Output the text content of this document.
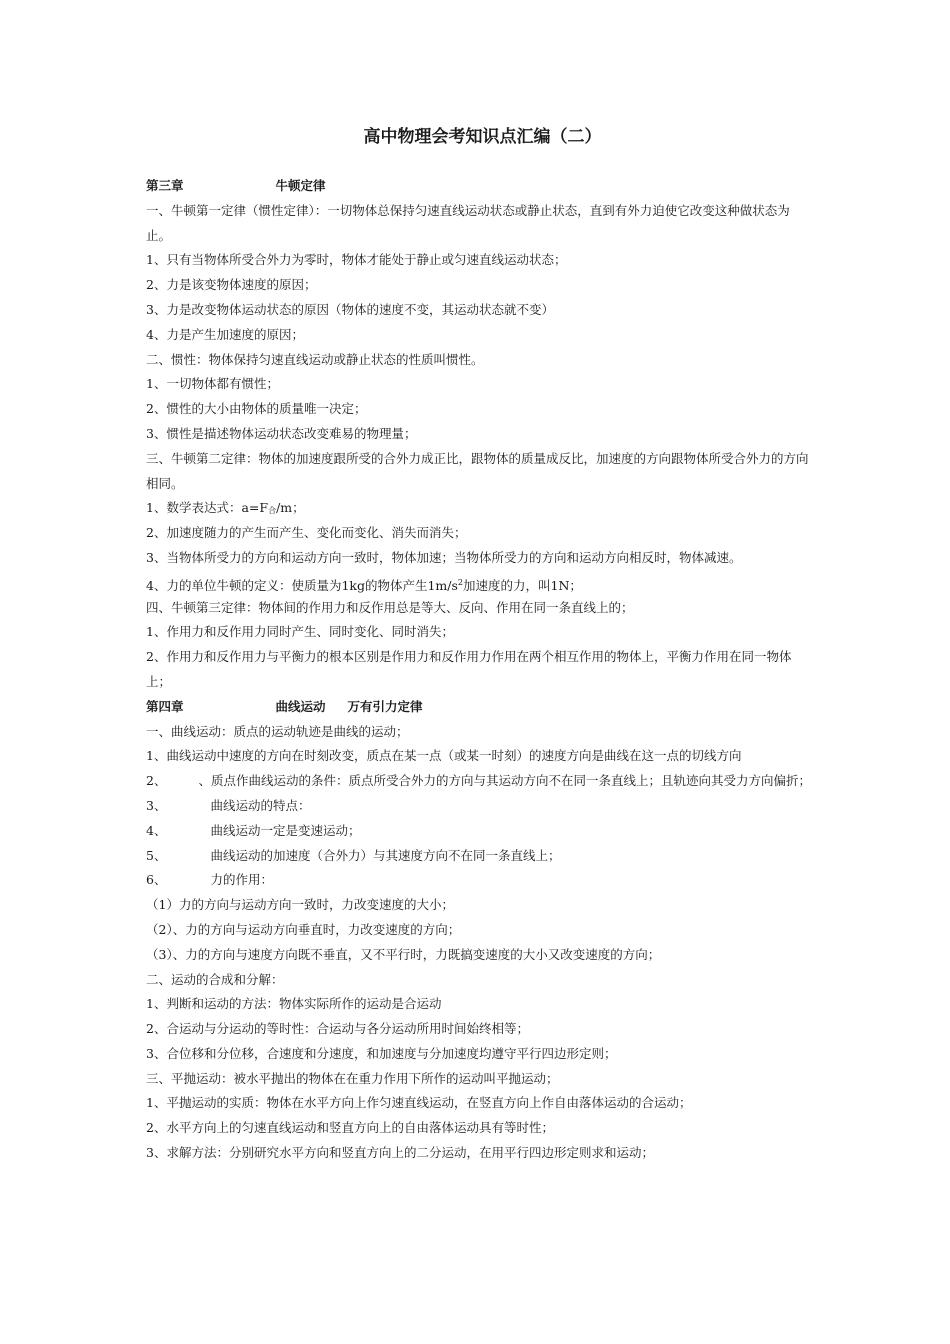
高中物理会考知识点汇编（二）
第三章	牛顿定律
一、牛顿第一定律（惯性定律）：一切物体总保持匀速直线运动状态或静止状态，直到有外力迫使它改变这种做状态为止。
1、只有当物体所受合外力为零时，物体才能处于静止或匀速直线运动状态；
2、力是该变物体速度的原因；
3、力是改变物体运动状态的原因（物体的速度不变，其运动状态就不变）
4、力是产生加速度的原因；
二、惯性：物体保持匀速直线运动或静止状态的性质叫惯性。
1、一切物体都有惯性；
2、惯性的大小由物体的质量唯一决定；
3、惯性是描述物体运动状态改变难易的物理量；
三、牛顿第二定律：物体的加速度跟所受的合外力成正比，跟物体的质量成反比，加速度的方向跟物体所受合外力的方向相同。
1、数学表达式：$a=F_合/m$；
2、加速度随力的产生而产生、变化而变化、消失而消失；
3、当物体所受力的方向和运动方向一致时，物体加速；当物体所受力的方向和运动方向相反时，物体减速。
4、力的单位牛顿的定义：使质量为1kg的物体产生$1m/s^2$加速度的力，叫1N；
四、牛顿第三定律：物体间的作用力和反作用总是等大、反向、作用在同一条直线上的；
1、作用力和反作用力同时产生、同时变化、同时消失；
2、作用力和反作用力与平衡力的根本区别是作用力和反作用力作用在两个相互作用的物体上，平衡力作用在同一物体上；
第四章	曲线运动 万有引力定律
一、曲线运动：质点的运动轨迹是曲线的运动；
1、曲线运动中速度的方向在时刻改变，质点在某一点（或某一时刻）的速度方向是曲线在这一点的切线方向
2、	、质点作曲线运动的条件：质点所受合外力的方向与其运动方向不在同一条直线上；且轨迹向其受力方向偏折；
3、	曲线运动的特点：
4、	曲线运动一定是变速运动；
5、	曲线运动的加速度（合外力）与其速度方向不在同一条直线上；
6、	力的作用：
（1）力的方向与运动方向一致时，力改变速度的大小；
（2）、力的方向与运动方向垂直时，力改变速度的方向；
（3）、力的方向与速度方向既不垂直，又不平行时，力既搞变速度的大小又改变速度的方向；
二、运动的合成和分解：
1、判断和运动的方法：物体实际所作的运动是合运动
2、合运动与分运动的等时性：合运动与各分运动所用时间始终相等；
3、合位移和分位移，合速度和分速度，和加速度与分加速度均遵守平行四边形定则；
三、平抛运动：被水平抛出的物体在在重力作用下所作的运动叫平抛运动；
1、平抛运动的实质：物体在水平方向上作匀速直线运动，在竖直方向上作自由落体运动的合运动；
2、水平方向上的匀速直线运动和竖直方向上的自由落体运动具有等时性；
3、求解方法：分别研究水平方向和竖直方向上的二分运动，在用平行四边形定则求和运动；
